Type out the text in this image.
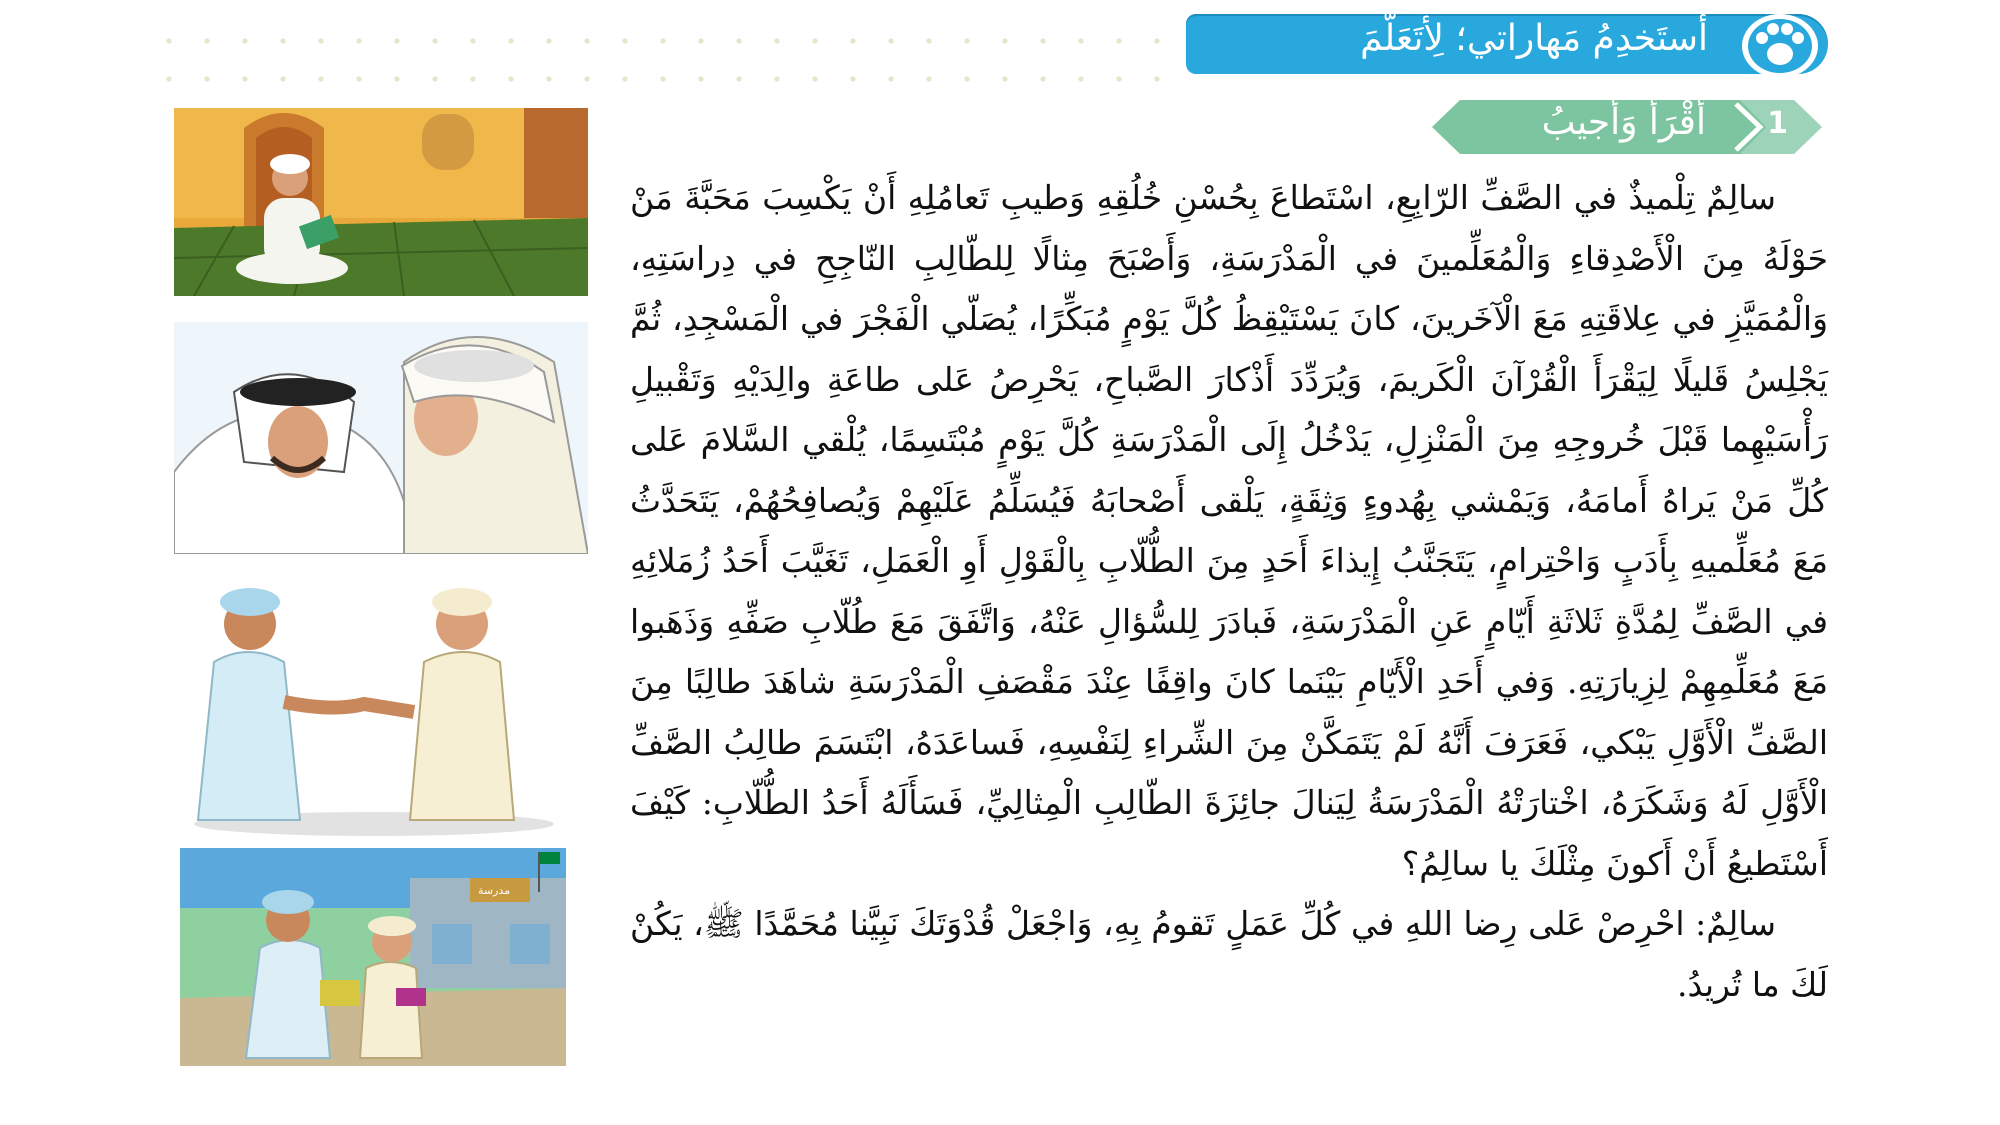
أَستَخدِمُ مَهاراتي؛ لِأَتَعَلَّمَ
1
أَقْرَأُ وَأُجيبُ

سالِمٌ تِلْميذٌ في الصَّفِّ الرّابِعِ، اسْتَطاعَ بِحُسْنِ خُلُقِهِ وَطيبِ تَعامُلِهِ أَنْ يَكْسِبَ مَحَبَّةَ مَنْ حَوْلَهُ مِنَ الْأَصْدِقاءِ وَالْمُعَلِّمينَ في الْمَدْرَسَةِ، وَأَصْبَحَ مِثالًا لِلطّالِبِ النّاجِحِ في دِراسَتِهِ، وَالْمُمَيَّزِ في عِلاقَتِهِ مَعَ الْآخَرينَ، كانَ يَسْتَيْقِظُ كُلَّ يَوْمٍ مُبَكِّرًا، يُصَلّي الْفَجْرَ في الْمَسْجِدِ، ثُمَّ يَجْلِسُ قَليلًا لِيَقْرَأَ الْقُرْآنَ الْكَريمَ، وَيُرَدِّدَ أَذْكارَ الصَّباحِ، يَحْرِصُ عَلى طاعَةِ والِدَيْهِ وَتَقْبيلِ رَأْسَيْهِما قَبْلَ خُروجِهِ مِنَ الْمَنْزِلِ، يَدْخُلُ إِلَى الْمَدْرَسَةِ كُلَّ يَوْمٍ مُبْتَسِمًا، يُلْقي السَّلامَ عَلى كُلِّ مَنْ يَراهُ أَمامَهُ، وَيَمْشي بِهُدوءٍ وَثِقَةٍ، يَلْقى أَصْحابَهُ فَيُسَلِّمُ عَلَيْهِمْ وَيُصافِحُهُمْ، يَتَحَدَّثُ مَعَ مُعَلِّميهِ بِأَدَبٍ وَاحْتِرامٍ، يَتَجَنَّبُ إِيذاءَ أَحَدٍ مِنَ الطُّلّابِ بِالْقَوْلِ أَوِ الْعَمَلِ، تَغَيَّبَ أَحَدُ زُمَلائِهِ في الصَّفِّ لِمُدَّةِ ثَلاثَةِ أَيّامٍ عَنِ الْمَدْرَسَةِ، فَبادَرَ لِلسُّؤالِ عَنْهُ، وَاتَّفَقَ مَعَ طُلّابِ صَفِّهِ وَذَهَبوا مَعَ مُعَلِّمِهِمْ لِزِيارَتِهِ. وَفي أَحَدِ الْأَيّامِ بَيْنَما كانَ واقِفًا عِنْدَ مَقْصَفِ الْمَدْرَسَةِ شاهَدَ طالِبًا مِنَ الصَّفِّ الْأَوَّلِ يَبْكي، فَعَرَفَ أَنَّهُ لَمْ يَتَمَكَّنْ مِنَ الشِّراءِ لِنَفْسِهِ، فَساعَدَهُ، ابْتَسَمَ طالِبُ الصَّفِّ الْأَوَّلِ لَهُ وَشَكَرَهُ، اخْتارَتْهُ الْمَدْرَسَةُ لِيَنالَ جائِزَةَ الطّالِبِ الْمِثالِيِّ، فَسَأَلَهُ أَحَدُ الطُّلّابِ: كَيْفَ أَسْتَطيعُ أَنْ أَكونَ مِثْلَكَ يا سالِمُ؟

سالِمٌ: احْرِصْ عَلى رِضا اللهِ في كُلِّ عَمَلٍ تَقومُ بِهِ، وَاجْعَلْ قُدْوَتَكَ نَبِيَّنا مُحَمَّدًا ﷺ، يَكُنْ لَكَ ما تُريدُ.

مدرسة
